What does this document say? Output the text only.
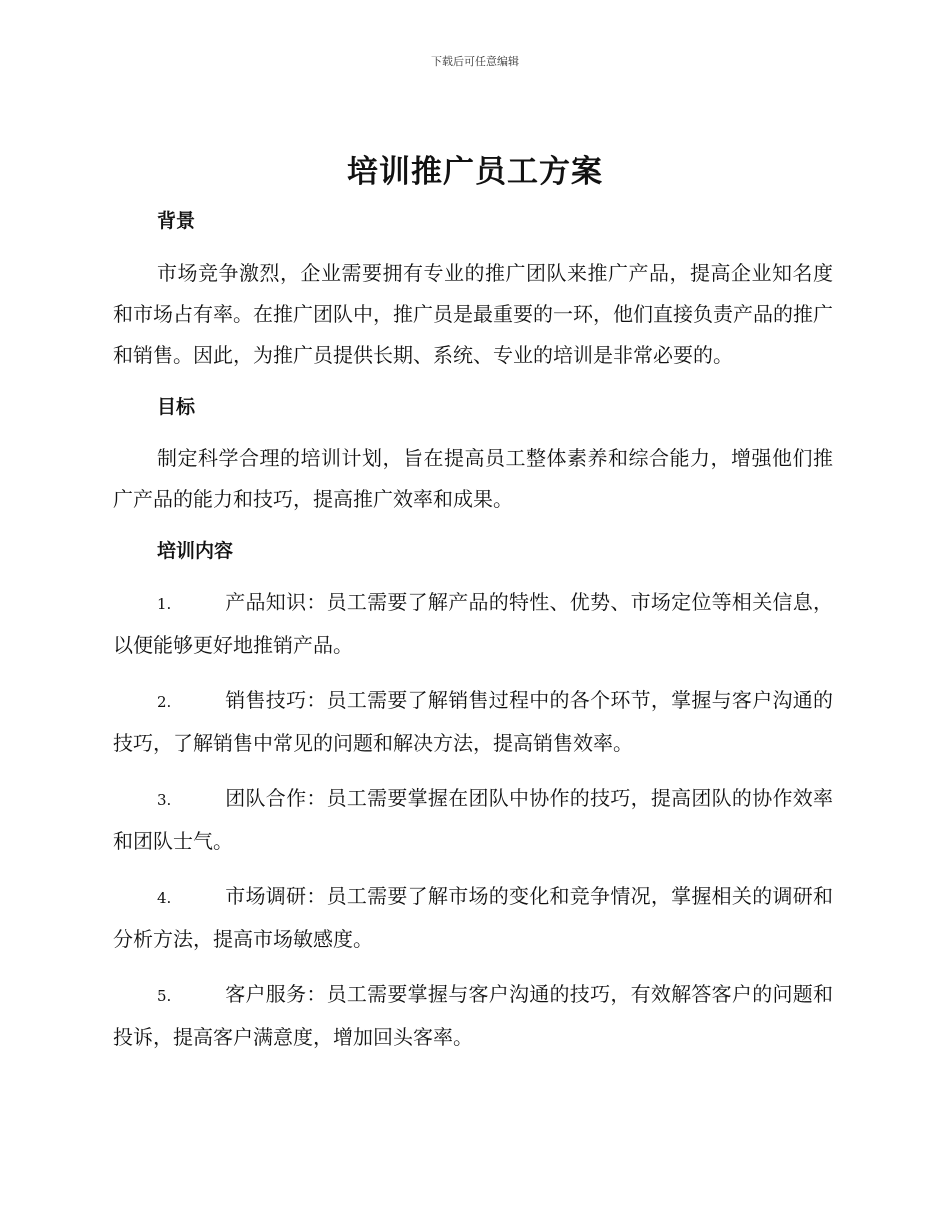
下载后可任意编辑
培训推广员工方案
背景

市场竞争激烈，企业需要拥有专业的推广团队来推广产品，提高企业知名度和市场占有率。在推广团队中，推广员是最重要的一环，他们直接负责产品的推广和销售。因此，为推广员提供长期、系统、专业的培训是非常必要的。

目标

制定科学合理的培训计划，旨在提高员工整体素养和综合能力，增强他们推广产品的能力和技巧，提高推广效率和成果。

培训内容

1.	产品知识：员工需要了解产品的特性、优势、市场定位等相关信息，以便能够更好地推销产品。

2.	销售技巧：员工需要了解销售过程中的各个环节，掌握与客户沟通的技巧，了解销售中常见的问题和解决方法，提高销售效率。

3.	团队合作：员工需要掌握在团队中协作的技巧，提高团队的协作效率和团队士气。

4.	市场调研：员工需要了解市场的变化和竞争情况，掌握相关的调研和分析方法，提高市场敏感度。

5.	客户服务：员工需要掌握与客户沟通的技巧，有效解答客户的问题和投诉，提高客户满意度，增加回头客率。
